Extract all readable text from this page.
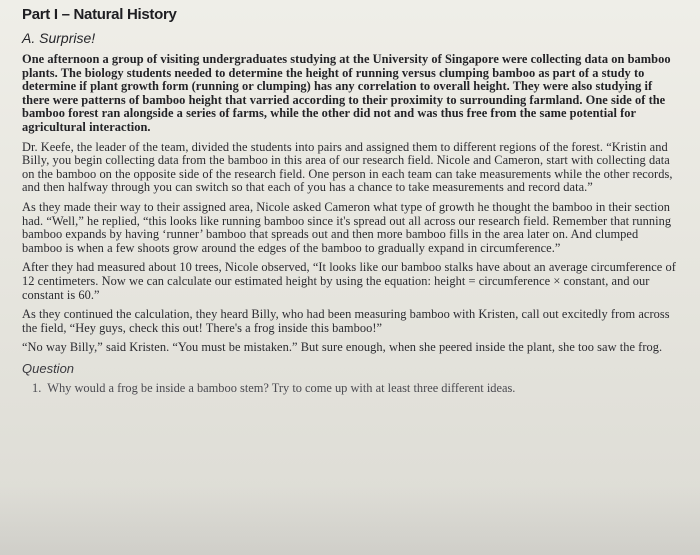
Part I – Natural History
A. Surprise!

One afternoon a group of visiting undergraduates studying at the University of Singapore were collecting data on bamboo plants. The biology students needed to determine the height of running versus clumping bamboo as part of a study to determine if plant growth form (running or clumping) has any correlation to overall height. They were also studying if there were patterns of bamboo height that varried according to their proximity to surrounding farmland. One side of the bamboo forest ran alongside a series of farms, while the other did not and was thus free from the same potential for agricultural interaction.

Dr. Keefe, the leader of the team, divided the students into pairs and assigned them to different regions of the forest. “Kristin and Billy, you begin collecting data from the bamboo in this area of our research field. Nicole and Cameron, start with collecting data on the bamboo on the opposite side of the research field. One person in each team can take measurements while the other records, and then halfway through you can switch so that each of you has a chance to take measurements and record data.”

As they made their way to their assigned area, Nicole asked Cameron what type of growth he thought the bamboo in their section had. “Well,” he replied, “this looks like running bamboo since it's spread out all across our research field. Remember that running bamboo expands by having ‘runner’ bamboo that spreads out and then more bamboo fills in the area later on. And clumped bamboo is when a few shoots grow around the edges of the bamboo to gradually expand in circumference.”

After they had measured about 10 trees, Nicole observed, “It looks like our bamboo stalks have about an average circumference of 12 centimeters. Now we can calculate our estimated height by using the equation: height = circumference × constant, and our constant is 60.”

As they continued the calculation, they heard Billy, who had been measuring bamboo with Kristen, call out excitedly from across the field, “Hey guys, check this out! There's a frog inside this bamboo!”

“No way Billy,” said Kristen. “You must be mistaken.” But sure enough, when she peered inside the plant, she too saw the frog.

Question
1. Why would a frog be inside a bamboo stem? Try to come up with at least three different ideas.
